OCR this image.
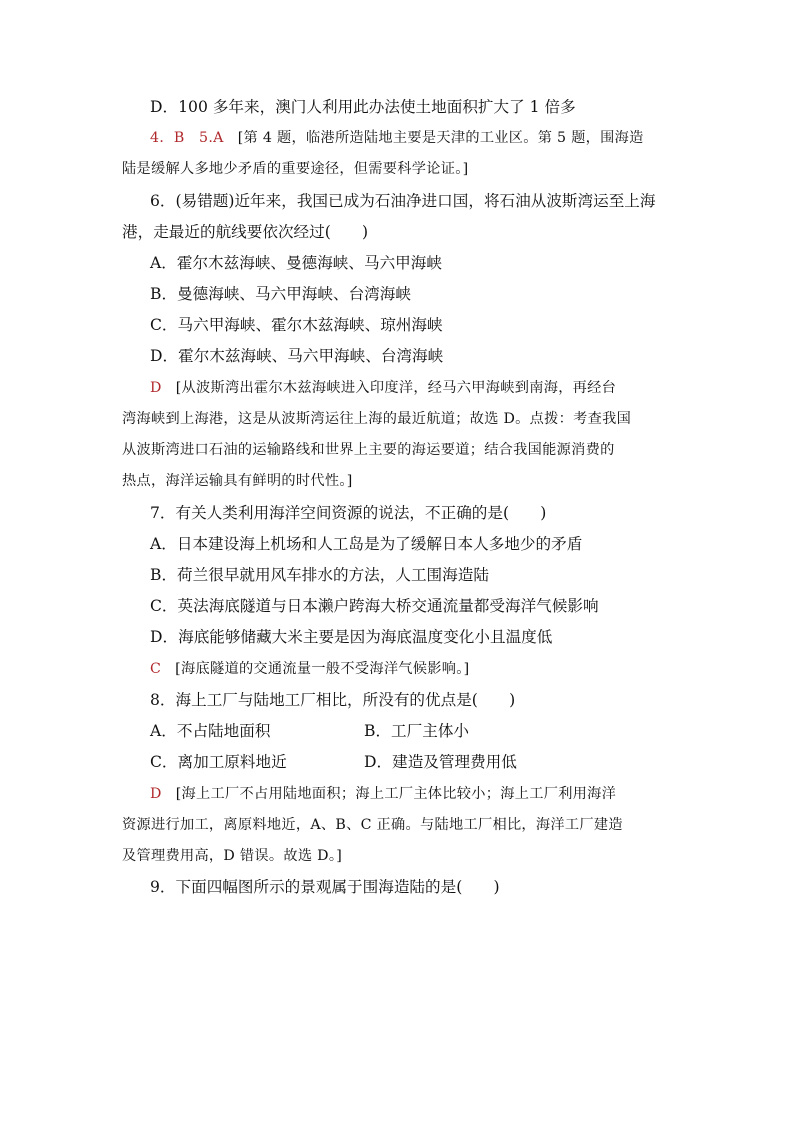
D．100 多年来，澳门人利用此办法使土地面积扩大了 1 倍多
4．B　5.A [第 4 题，临港所造陆地主要是天津的工业区。第 5 题，围海造
陆是缓解人多地少矛盾的重要途径，但需要科学论证。]
6．(易错题)近年来，我国已成为石油净进口国，将石油从波斯湾运至上海
港，走最近的航线要依次经过(　　)
A．霍尔木兹海峡、曼德海峡、马六甲海峡
B．曼德海峡、马六甲海峡、台湾海峡
C．马六甲海峡、霍尔木兹海峡、琼州海峡
D．霍尔木兹海峡、马六甲海峡、台湾海峡
D [从波斯湾出霍尔木兹海峡进入印度洋，经马六甲海峡到南海，再经台
湾海峡到上海港，这是从波斯湾运往上海的最近航道；故选 D。点拨：考查我国
从波斯湾进口石油的运输路线和世界上主要的海运要道；结合我国能源消费的
热点，海洋运输具有鲜明的时代性。]
7．有关人类利用海洋空间资源的说法，不正确的是(　　)
A．日本建设海上机场和人工岛是为了缓解日本人多地少的矛盾
B．荷兰很早就用风车排水的方法，人工围海造陆
C．英法海底隧道与日本濑户跨海大桥交通流量都受海洋气候影响
D．海底能够储藏大米主要是因为海底温度变化小且温度低
C [海底隧道的交通流量一般不受海洋气候影响。]
8．海上工厂与陆地工厂相比，所没有的优点是(　　)
A．不占陆地面积	B．工厂主体小
C．离加工原料地近	D．建造及管理费用低
D [海上工厂不占用陆地面积；海上工厂主体比较小；海上工厂利用海洋
资源进行加工，离原料地近，A、B、C 正确。与陆地工厂相比，海洋工厂建造
及管理费用高，D 错误。故选 D。]
9．下面四幅图所示的景观属于围海造陆的是(　　)
